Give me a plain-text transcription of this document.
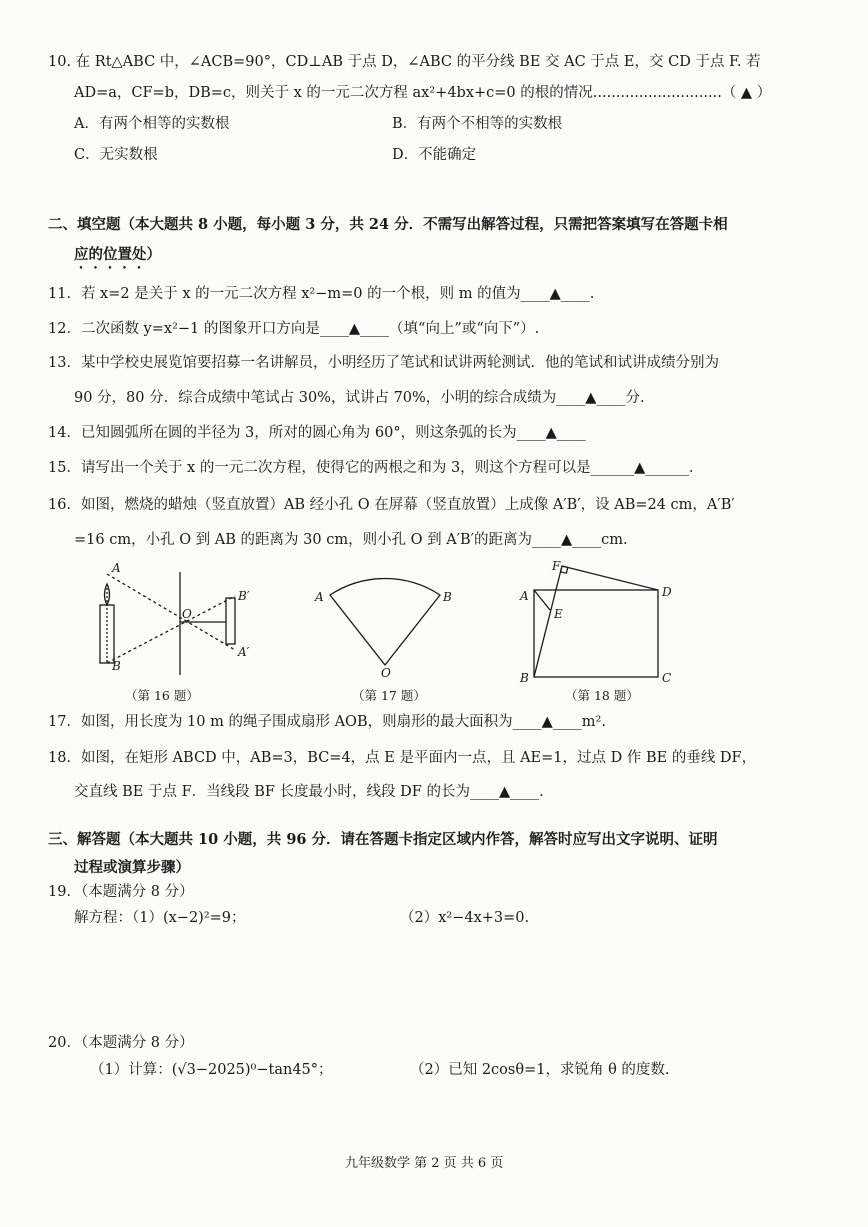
10. 在 Rt△ABC 中，∠ACB=90°，CD⊥AB 于点 D，∠ABC 的平分线 BE 交 AC 于点 E，交 CD 于点 F. 若
AD=a，CF=b，DB=c，则关于 x 的一元二次方程 ax²+4bx+c=0 的根的情况............................（ ▲ ）
A．有两个相等的实数根	B．有两个不相等的实数根
C．无实数根	D．不能确定
二、填空题（本大题共 8 小题，每小题 3 分，共 24 分．不需写出解答过程，只需把答案填写在答题卡相
应的位置处）
11．若 x=2 是关于 x 的一元二次方程 x²−m=0 的一个根，则 m 的值为____▲____.
12．二次函数 y=x²−1 的图象开口方向是____▲____（填“向上”或“向下”）.
13．某中学校史展览馆要招募一名讲解员，小明经历了笔试和试讲两轮测试．他的笔试和试讲成绩分别为
90 分，80 分．综合成绩中笔试占 30%，试讲占 70%，小明的综合成绩为____▲____分.
14．已知圆弧所在圆的半径为 3，所对的圆心角为 60°，则这条弧的长为____▲____
15．请写出一个关于 x 的一元二次方程，使得它的两根之和为 3，则这个方程可以是______▲______.
16．如图，燃烧的蜡烛（竖直放置）AB 经小孔 O 在屏幕（竖直放置）上成像 A′B′，设 AB=24 cm，A′B′
=16 cm，小孔 O 到 AB 的距离为 30 cm，则小孔 O 到 A′B′的距离为____▲____cm.
A
B
O
B′
A′
（第 16 题）
A	B
O
（第 17 题）
A
B	C
D
E
F
（第 18 题）
17．如图，用长度为 10 m 的绳子围成扇形 AOB，则扇形的最大面积为____▲____m².
18．如图，在矩形 ABCD 中，AB=3，BC=4，点 E 是平面内一点，且 AE=1，过点 D 作 BE 的垂线 DF，
交直线 BE 于点 F．当线段 BF 长度最小时，线段 DF 的长为____▲____.
三、解答题（本大题共 10 小题，共 96 分．请在答题卡指定区域内作答，解答时应写出文字说明、证明
过程或演算步骤）
19．（本题满分 8 分）
解方程：（1）(x−2)²=9；	（2）x²−4x+3=0.
20．（本题满分 8 分）
（1）计算：(√3−2025)⁰−tan45°；	（2）已知 2cosθ=1，求锐角 θ 的度数.
九年级数学 第 2 页 共 6 页
